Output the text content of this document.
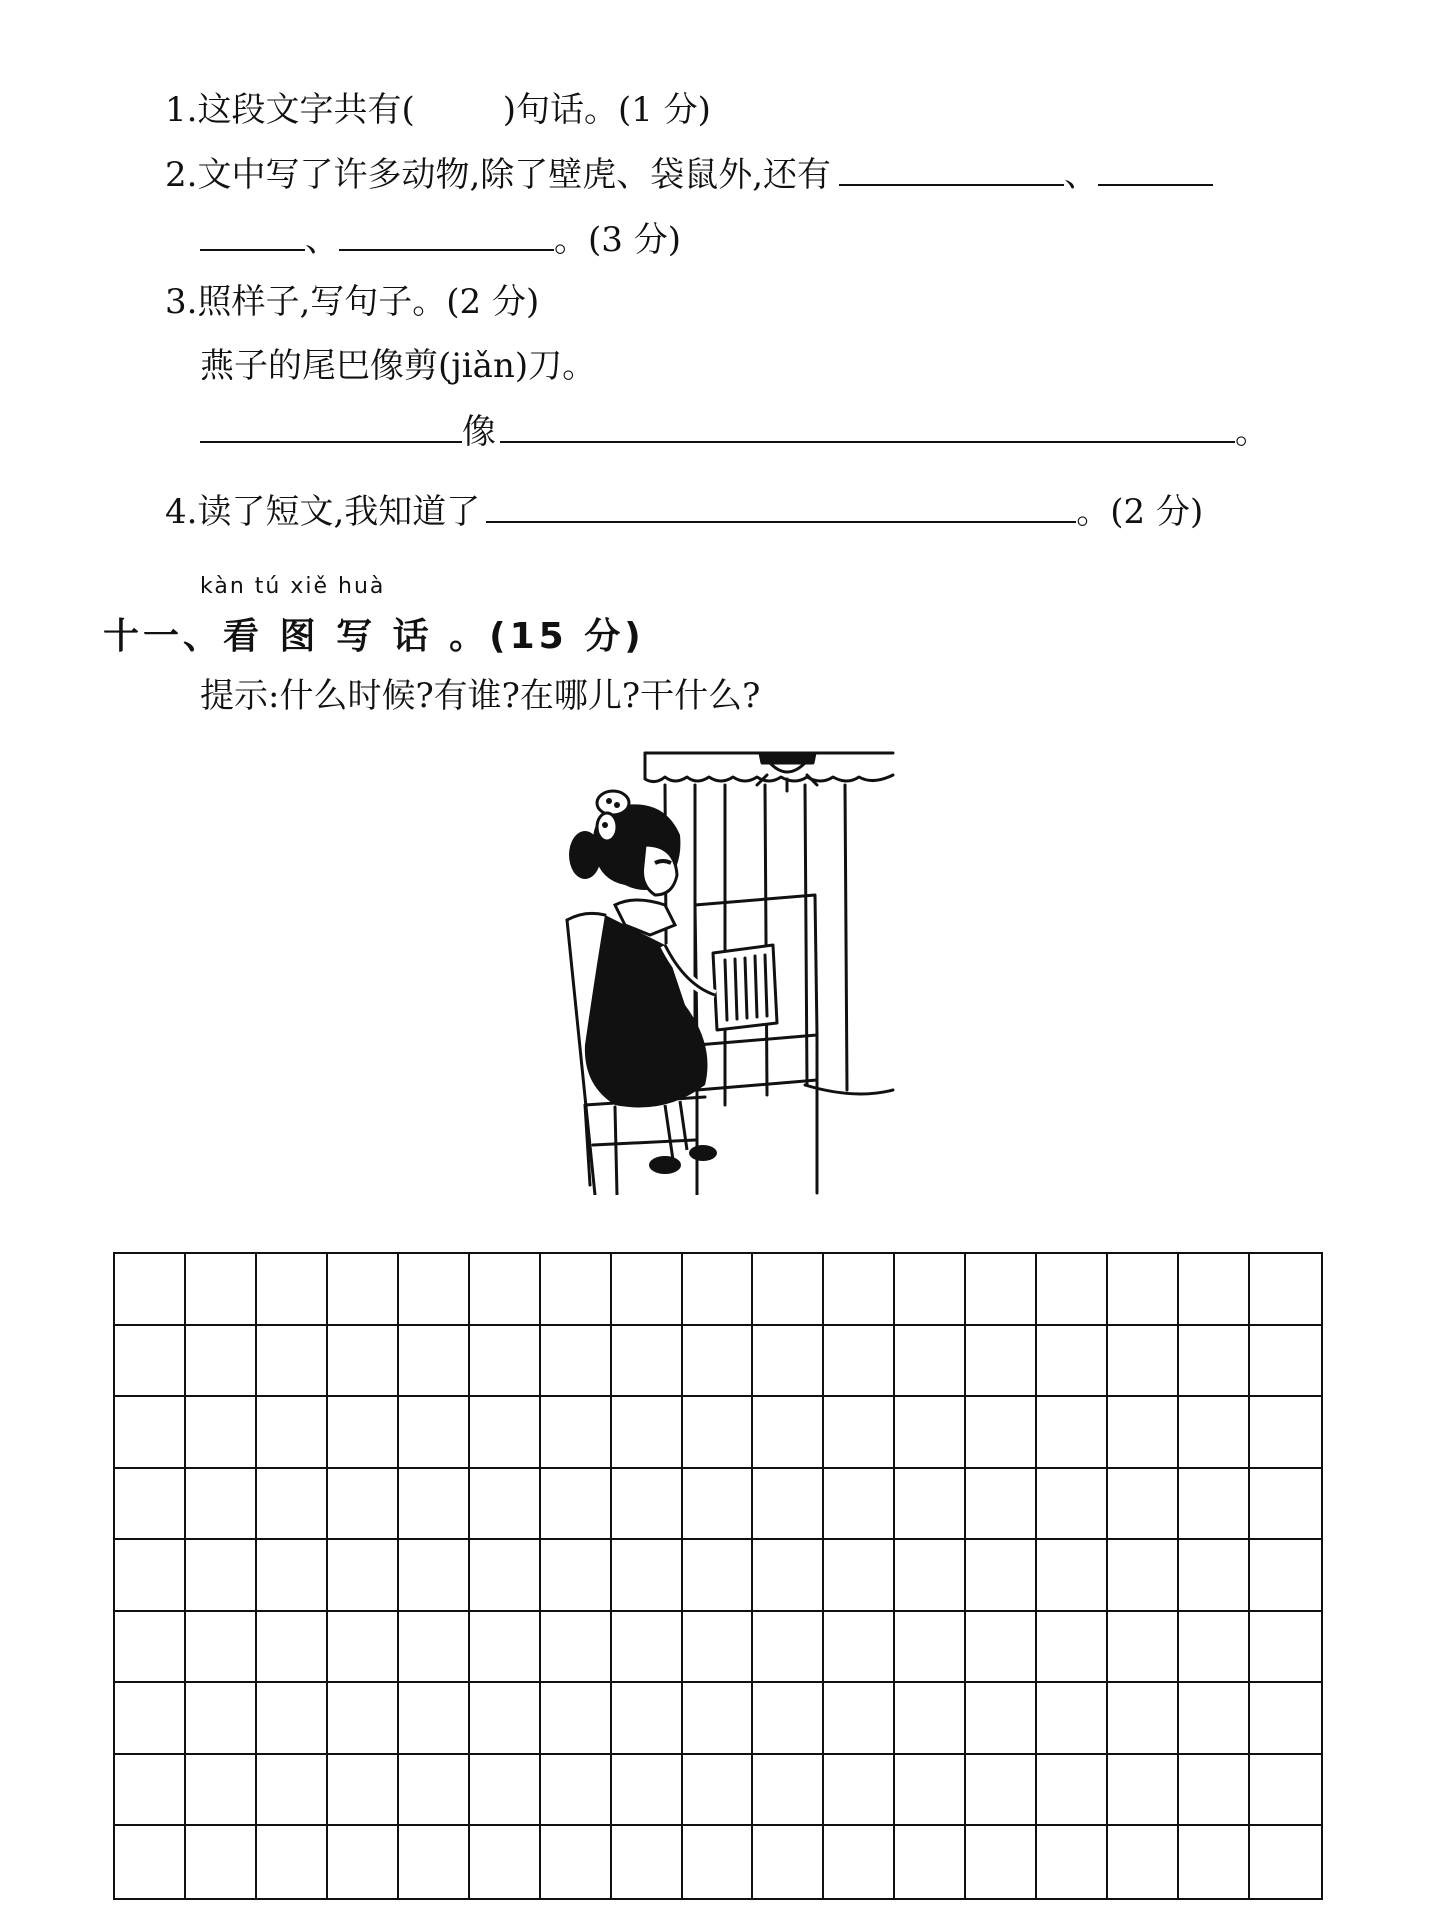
1.这段文字共有(	)句话。(1 分)
2.文中写了许多动物,除了壁虎、袋鼠外,还有	、
、	。(3 分)
3.照样子,写句子。(2 分)
燕子的尾巴像剪(jiǎn)刀。
像	。
4.读了短文,我知道了	。(2 分)
kàn tú xiě huà
十一、看 图 写 话 。(15 分)
提示:什么时候?有谁?在哪儿?干什么?
